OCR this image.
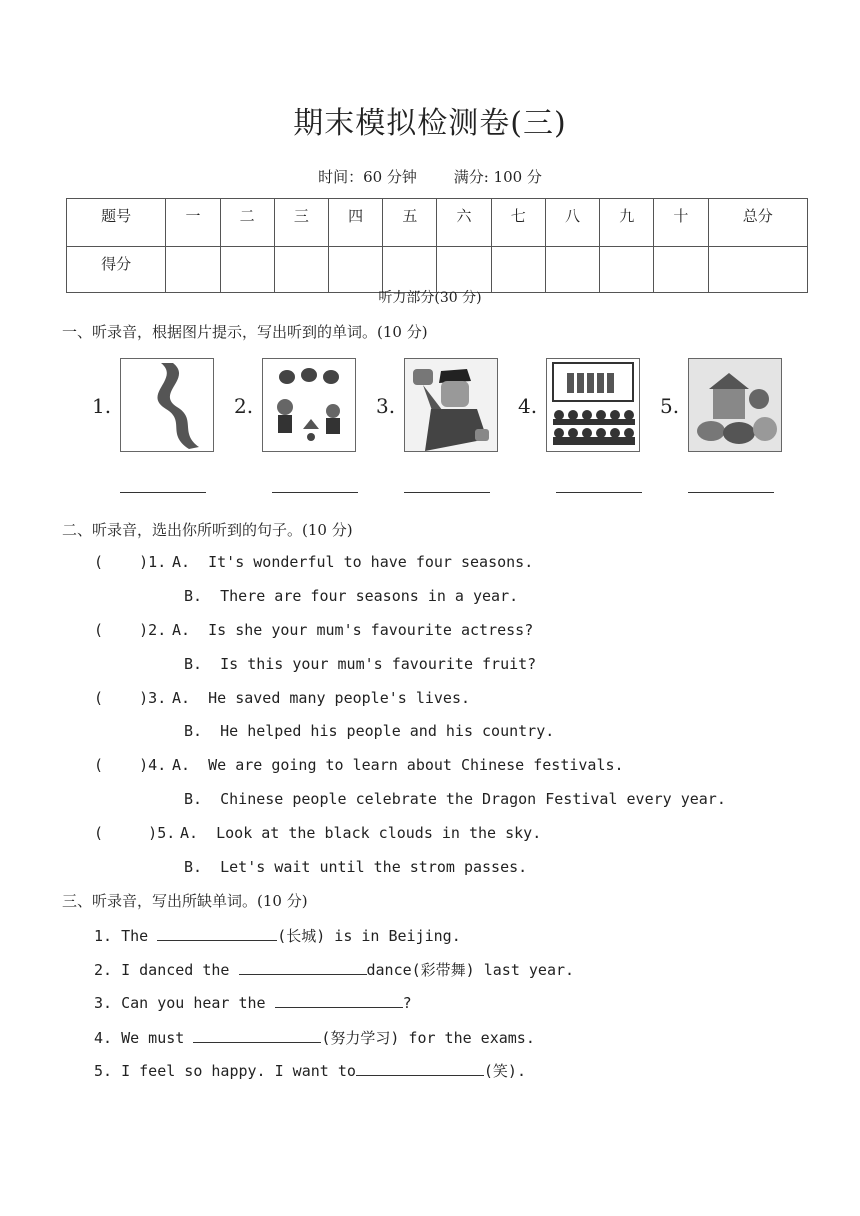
期末模拟检测卷(三)
时间：60 分钟 满分: 100 分
题号	一	二	三	四	五	六	七	八	九	十	总分
得分											
听力部分(30 分)
一、听录音，根据图片提示，写出听到的单词。(10 分)
1.	2.	3.	4.	5.
二、听录音，选出你所听到的句子。(10 分)
(    )1. A.  It's wonderful to have four seasons.
B.  There are four seasons in a year.
(    )2. A.  Is she your mum's favourite actress?
B.  Is this your mum's favourite fruit?
(    )3. A.  He saved many people's lives.
B.  He helped his people and his country.
(    )4. A.  We are going to learn about Chinese festivals.
B.  Chinese people celebrate the Dragon Festival every year.
(     )5. A.  Look at the black clouds in the sky.
B.  Let's wait until the strom passes.
三、听录音，写出所缺单词。(10 分)
1. The	(长城) is in Beijing.
2. I danced the	dance(彩带舞) last year.
3. Can you hear the	?
4. We must	(努力学习) for the exams.
5. I feel so happy. I want to	(笑).
